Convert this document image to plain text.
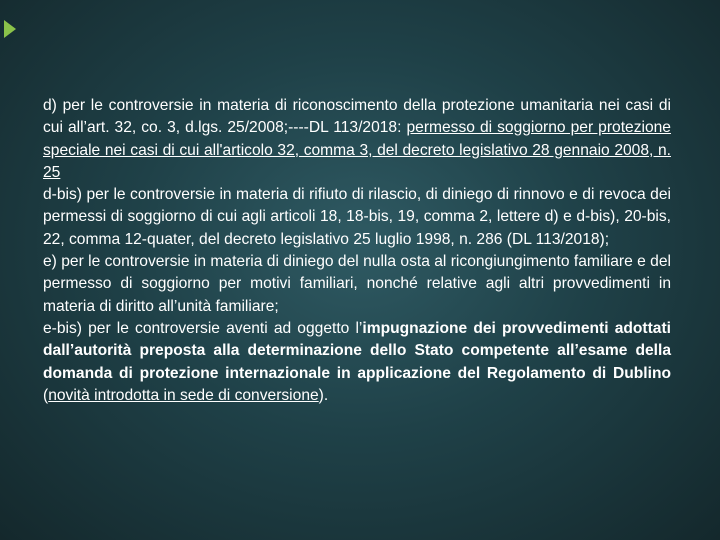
d) per le controversie in materia di riconoscimento della protezione umanitaria nei casi di cui all’art. 32, co. 3, d.lgs. 25/2008;----DL 113/2018: permesso di soggiorno per protezione speciale nei casi di cui all'articolo 32, comma 3, del decreto legislativo 28 gennaio 2008, n. 25

d-bis) per le controversie in materia di rifiuto di rilascio, di diniego di rinnovo e di revoca dei permessi di soggiorno di cui agli articoli 18, 18-bis, 19, comma 2, lettere d) e d-bis), 20-bis, 22, comma 12-quater, del decreto legislativo 25 luglio 1998, n. 286 (DL 113/2018);

e) per le controversie in materia di diniego del nulla osta al ricongiungimento familiare e del permesso di soggiorno per motivi familiari, nonché relative agli altri provvedimenti in materia di diritto all’unità familiare;

e-bis) per le controversie aventi ad oggetto l’impugnazione dei provvedimenti adottati dall’autorità preposta alla determinazione dello Stato competente all’esame della domanda di protezione internazionale in applicazione del Regolamento di Dublino (novità introdotta in sede di conversione).
